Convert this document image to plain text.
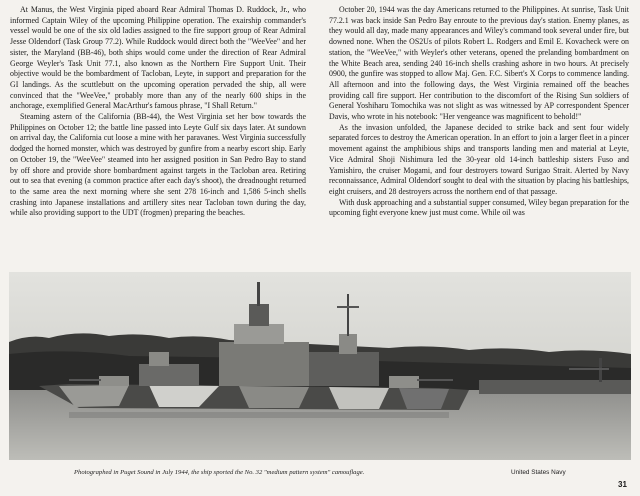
At Manus, the West Virginia piped aboard Rear Admiral Thomas D. Ruddock, Jr., who informed Captain Wiley of the upcoming Philippine operation. The exairship commander's vessel would be one of the six old ladies assigned to the fire support group of Rear Admiral Jesse Oldendorf (Task Group 77.2). While Ruddock would direct both the "WeeVee" and her sister, the Maryland (BB-46), both ships would come under the direction of Rear Admiral George Weyler's Task Unit 77.1, also known as the Northern Fire Support Unit. Their objective would be the bombardment of Tacloban, Leyte, in support and preparation for the GI landings. As the scuttlebutt on the upcoming operation pervaded the ship, all were convinced that the "WeeVee," probably more than any of the nearly 600 ships in the anchorage, exemplified General MacArthur's famous phrase, "I Shall Return."

Steaming astern of the California (BB-44), the West Virginia set her bow towards the Philippines on October 12; the battle line passed into Leyte Gulf six days later. At sundown on arrival day, the California cut loose a mine with her paravanes. West Virginia successfully dodged the horned monster, which was destroyed by gunfire from a nearby escort ship. Early on October 19, the "WeeVee" steamed into her assigned position in San Pedro Bay to stand by off shore and provide shore bombardment against targets in the Tacloban area. Retiring out to sea that evening (a common practice after each day's shoot), the dreadnought returned to the same area the next morning where she sent 278 16-inch and 1,586 5-inch shells crashing into Japanese installations and artillery sites near Tacloban town during the day, while also providing support to the UDT (frogmen) preparing the beaches.

October 20, 1944 was the day Americans returned to the Philippines. At sunrise, Task Unit 77.2.1 was back inside San Pedro Bay enroute to the previous day's station. Enemy planes, as they would all day, made many appearances and Wiley's command took several under fire, but downed none. When the OS2Us of pilots Robert L. Rodgers and Emil E. Kovacheck were on station, the "WeeVee," with Weyler's other veterans, opened the prelanding bombardment on the White Beach area, sending 240 16-inch shells crashing ashore in two hours. At precisely 0900, the gunfire was stopped to allow Maj. Gen. F.C. Sibert's X Corps to commence landing. All afternoon and into the following days, the West Virginia remained off the beaches providing call fire support. Her contribution to the discomfort of the Rising Sun soldiers of General Yoshiharu Tomochika was not slight as was witnessed by AP correspondent Spencer Davis, who wrote in his notebook: "Her vengeance was magnificent to behold!"

As the invasion unfolded, the Japanese decided to strike back and sent four widely separated forces to destroy the American operation. In an effort to join a larger fleet in a pincer movement against the amphibious ships and transports landing men and material at Leyte, Vice Admiral Shoji Nishimura led the 30-year old 14-inch battleship sisters Fuso and Yamishiro, the cruiser Mogami, and four destroyers toward Surigao Strait. Alerted by Navy reconnaissance, Admiral Oldendorf sought to deal with the situation by placing his battleships, eight cruisers, and 28 destroyers across the northern end of that passage.

With dusk approaching and a substantial supper consumed, Wiley began preparation for the upcoming fight everyone knew just must come. While oil was

Photographed in Puget Sound in July 1944, the ship sported the No. 32 "medium pattern system" camouflage.	United States Navy
31
